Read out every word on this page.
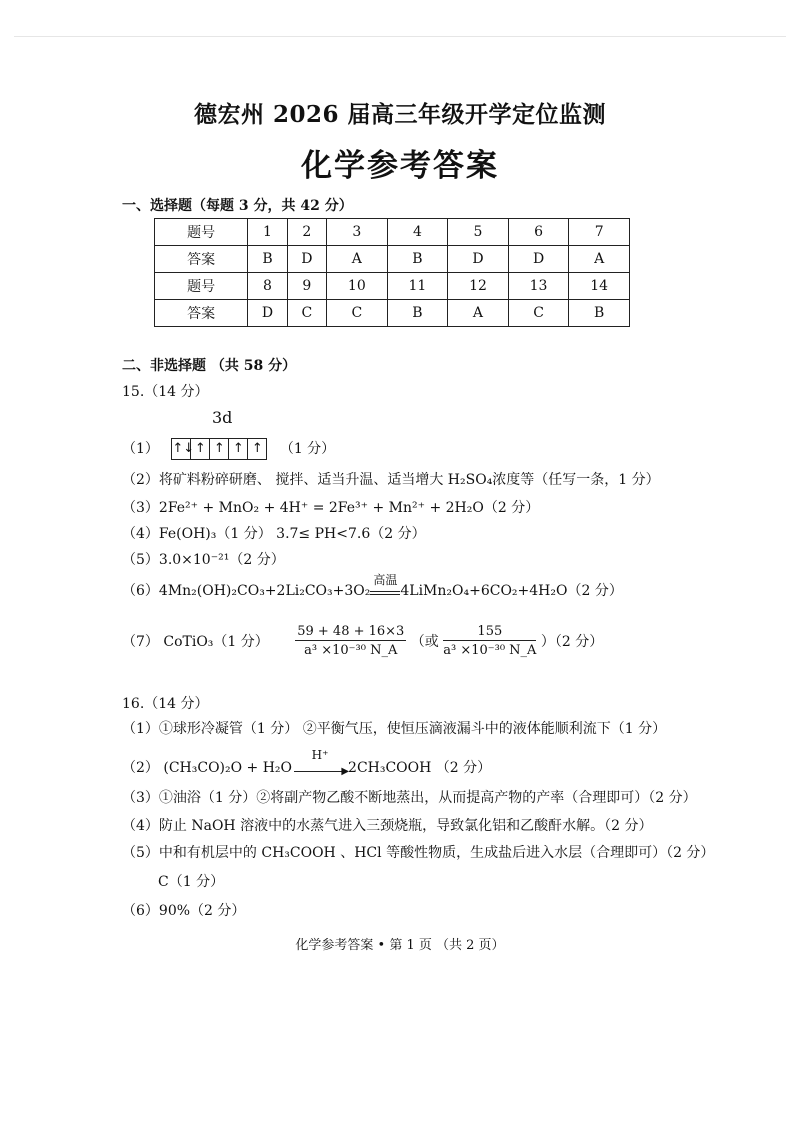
德宏州 2026 届高三年级开学定位监测
化学参考答案
一、选择题（每题 3 分，共 42 分）
题号	1	2	3	4	5	6	7
答案	B	D	A	B	D	D	A
题号	8	9	10	11	12	13	14
答案	D	C	C	B	A	C	B
二、非选择题 （共 58 分）
15.（14 分）
3d
（1） ↑↓↑ ↑ ↑ ↑ （1 分）
（2）将矿料粉碎研磨、 搅拌、适当升温、适当增大 H₂SO₄浓度等（任写一条，1 分）
（3）2Fe²⁺ + MnO₂ + 4H⁺ = 2Fe³⁺ + Mn²⁺ + 2H₂O（2 分）
（4）Fe(OH)₃（1 分） 3.7≤ PH<7.6（2 分）
（5）3.0×10⁻²¹（2 分）
（6）4Mn₂(OH)₂CO₃+2Li₂CO₃+3O₂
高温
4LiMn₂O₄+6CO₂+4H₂O（2 分）
（7） CoTiO₃（1 分） $\frac{59 + 48 + 16\times 3}{\text{a³ ×10⁻³⁰ N\_A}}$ （或 $\frac{155}{\text{a³ ×10⁻³⁰ N\_A}} )(2$ 分）
16.（14 分）
（1）①球形冷凝管（1 分） ②平衡气压，使恒压滴液漏斗中的液体能顺利流下（1 分）
（2） (CH₃CO)₂O + H₂O
H⁺
▶ 2CH₃COOH （2 分）
（3）①油浴（1 分）②将副产物乙酸不断地蒸出，从而提高产物的产率（合理即可）（2 分）
（4）防止 NaOH 溶液中的水蒸气进入三颈烧瓶，导致氯化铝和乙酸酐水解。（2 分）
（5）中和有机层中的 CH₃COOH 、HCl 等酸性物质，生成盐后进入水层（合理即可）（2 分）
C（1 分）
（6）90%（2 分）
化学参考答案 • 第 1 页 （共 2 页）
